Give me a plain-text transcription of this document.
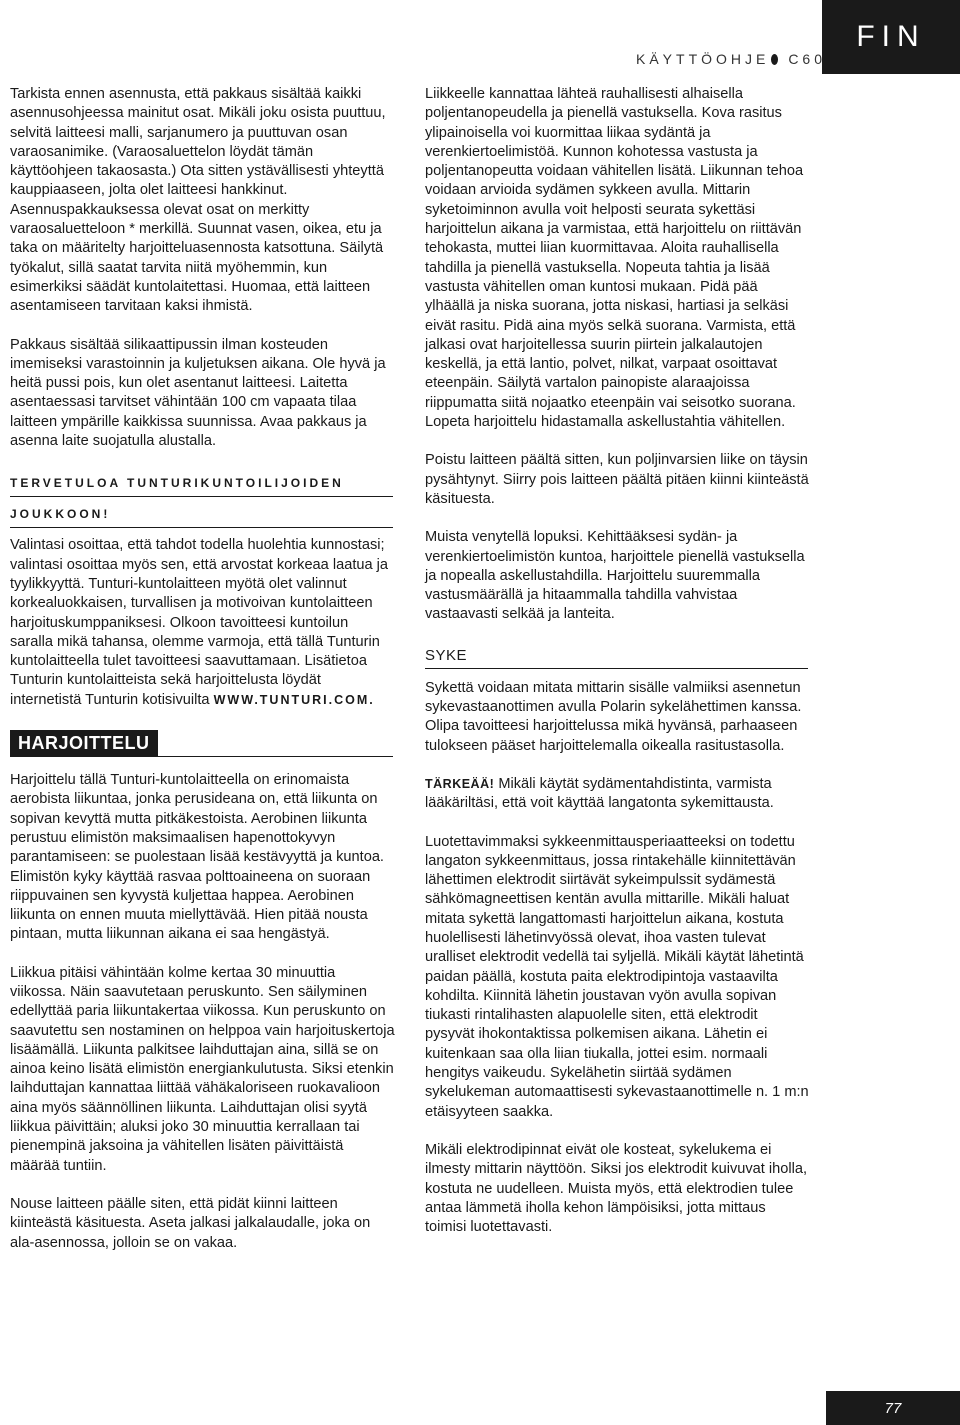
FIN
KÄYTTÖOHJE C60

Tarkista ennen asennusta, että pakkaus sisältää kaikki asennusohjeessa mainitut osat. Mikäli joku osista puuttuu, selvitä laitteesi malli, sarjanumero ja puuttuvan osan varaosanimike. (Varaosaluettelon löydät tämän käyttöohjeen takaosasta.) Ota sitten ystävällisesti yhteyttä kauppiaaseen, jolta olet laitteesi hankkinut. Asennuspakkauksessa olevat osat on merkitty varaosaluetteloon * merkillä. Suunnat vasen, oikea, etu ja taka on määritelty harjoitteluasennosta katsottuna. Säilytä työkalut, sillä saatat tarvita niitä myöhemmin, kun esimerkiksi säädät kuntolaitettasi. Huomaa, että laitteen asentamiseen tarvitaan kaksi ihmistä.

Pakkaus sisältää silikaattipussin ilman kosteuden imemiseksi varastoinnin ja kuljetuksen aikana. Ole hyvä ja heitä pussi pois, kun olet asentanut laitteesi. Laitetta asentaessasi tarvitset vähintään 100 cm vapaata tilaa laitteen ympärille kaikkissa suunnissa. Avaa pakkaus ja asenna laite suojatulla alustalla.

TERVETULOA TUNTURIKUNTOILIJOIDEN
JOUKKOON!

Valintasi osoittaa, että tahdot todella huolehtia kunnostasi; valintasi osoittaa myös sen, että arvostat korkeaa laatua ja tyylikkyyttä. Tunturi-kuntolaitteen myötä olet valinnut korkealuokkaisen, turvallisen ja motivoivan kuntolaitteen harjoituskumppaniksesi. Olkoon tavoitteesi kuntoilun saralla mikä tahansa, olemme varmoja, että tällä Tunturin kuntolaitteella tulet tavoitteesi saavuttamaan. Lisätietoa Tunturin kuntolaitteista sekä harjoittelusta löydät internetistä Tunturin kotisivuilta WWW.TUNTURI.COM.

HARJOITTELU

Harjoittelu tällä Tunturi-kuntolaitteella on erinomaista aerobista liikuntaa, jonka perusideana on, että liikunta on sopivan kevyttä mutta pitkäkestoista. Aerobinen liikunta perustuu elimistön maksimaalisen hapenottokyvyn parantamiseen: se puolestaan lisää kestävyyttä ja kuntoa. Elimistön kyky käyttää rasvaa polttoaineena on suoraan riippuvainen sen kyvystä kuljettaa happea. Aerobinen liikunta on ennen muuta miellyttävää. Hien pitää nousta pintaan, mutta liikunnan aikana ei saa hengästyä.

Liikkua pitäisi vähintään kolme kertaa 30 minuuttia viikossa. Näin saavutetaan peruskunto. Sen säilyminen edellyttää paria liikuntakertaa viikossa. Kun peruskunto on saavutettu sen nostaminen on helppoa vain harjoituskertoja lisäämällä. Liikunta palkitsee laihduttajan aina, sillä se on ainoa keino lisätä elimistön energiankulutusta. Siksi etenkin laihduttajan kannattaa liittää vähäkaloriseen ruokavalioon aina myös säännöllinen liikunta. Laihduttajan olisi syytä liikkua päivittäin; aluksi joko 30 minuuttia kerrallaan tai pienempinä jaksoina ja vähitellen lisäten päivittäistä määrää tuntiin.

Nouse laitteen päälle siten, että pidät kiinni laitteen kiinteästä käsituesta. Aseta jalkasi jalkalaudalle, joka on ala-asennossa, jolloin se on vakaa.

Liikkeelle kannattaa lähteä rauhallisesti alhaisella poljentanopeudella ja pienellä vastuksella. Kova rasitus ylipainoisella voi kuormittaa liikaa sydäntä ja verenkiertoelimistöä. Kunnon kohotessa vastusta ja poljentanopeutta voidaan vähitellen lisätä. Liikunnan tehoa voidaan arvioida sydämen sykkeen avulla. Mittarin syketoiminnon avulla voit helposti seurata sykettäsi harjoittelun aikana ja varmistaa, että harjoittelu on riittävän tehokasta, muttei liian kuormittavaa. Aloita rauhallisella tahdilla ja pienellä vastuksella. Nopeuta tahtia ja lisää vastusta vähitellen oman kuntosi mukaan. Pidä pää ylhäällä ja niska suorana, jotta niskasi, hartiasi ja selkäsi eivät rasitu. Pidä aina myös selkä suorana. Varmista, että jalkasi ovat harjoitellessa suurin piirtein jalkalautojen keskellä, ja että lantio, polvet, nilkat, varpaat osoittavat eteenpäin. Säilytä vartalon painopiste alaraajoissa riippumatta siitä nojaatko eteenpäin vai seisotko suorana. Lopeta harjoittelu hidastamalla askellustahtia vähitellen.

Poistu laitteen päältä sitten, kun poljinvarsien liike on täysin pysähtynyt. Siirry pois laitteen päältä pitäen kiinni kiinteästä käsituesta.

Muista venytellä lopuksi. Kehittääksesi sydän- ja verenkiertoelimistön kuntoa, harjoittele pienellä vastuksella ja nopealla askellustahdilla. Harjoittelu suuremmalla vastusmäärällä ja hitaammalla tahdilla vahvistaa vastaavasti selkää ja lanteita.

SYKE

Sykettä voidaan mitata mittarin sisälle valmiiksi asennetun sykevastaanottimen avulla Polarin sykelähettimen kanssa. Olipa tavoitteesi harjoittelussa mikä hyvänsä, parhaaseen tulokseen pääset harjoittelemalla oikealla rasitustasolla.

TÄRKEÄÄ! Mikäli käytät sydämentahdistinta, varmista lääkäriltäsi, että voit käyttää langatonta sykemittausta.

Luotettavimmaksi sykkeenmittausperiaatteeksi on todettu langaton sykkeenmittaus, jossa rintakehälle kiinnitettävän lähettimen elektrodit siirtävät sykeimpulssit sydämestä sähkömagneettisen kentän avulla mittarille. Mikäli haluat mitata sykettä langattomasti harjoittelun aikana, kostuta huolellisesti lähetinvyössä olevat, ihoa vasten tulevat uralliset elektrodit vedellä tai syljellä. Mikäli käytät lähetintä paidan päällä, kostuta paita elektrodipintoja vastaavilta kohdilta. Kiinnitä lähetin joustavan vyön avulla sopivan tiukasti rintalihasten alapuolelle siten, että elektrodit pysyvät ihokontaktissa polkemisen aikana. Lähetin ei kuitenkaan saa olla liian tiukalla, jottei esim. normaali hengitys vaikeudu. Sykelähetin siirtää sydämen sykelukeman automaattisesti sykevastaanottimelle n. 1 m:n etäisyyteen saakka.

Mikäli elektrodipinnat eivät ole kosteat, sykelukema ei ilmesty mittarin näyttöön. Siksi jos elektrodit kuivuvat iholla, kostuta ne uudelleen. Muista myös, että elektrodien tulee antaa lämmetä iholla kehon lämpöisiksi, jotta mittaus toimisi luotettavasti.

77
